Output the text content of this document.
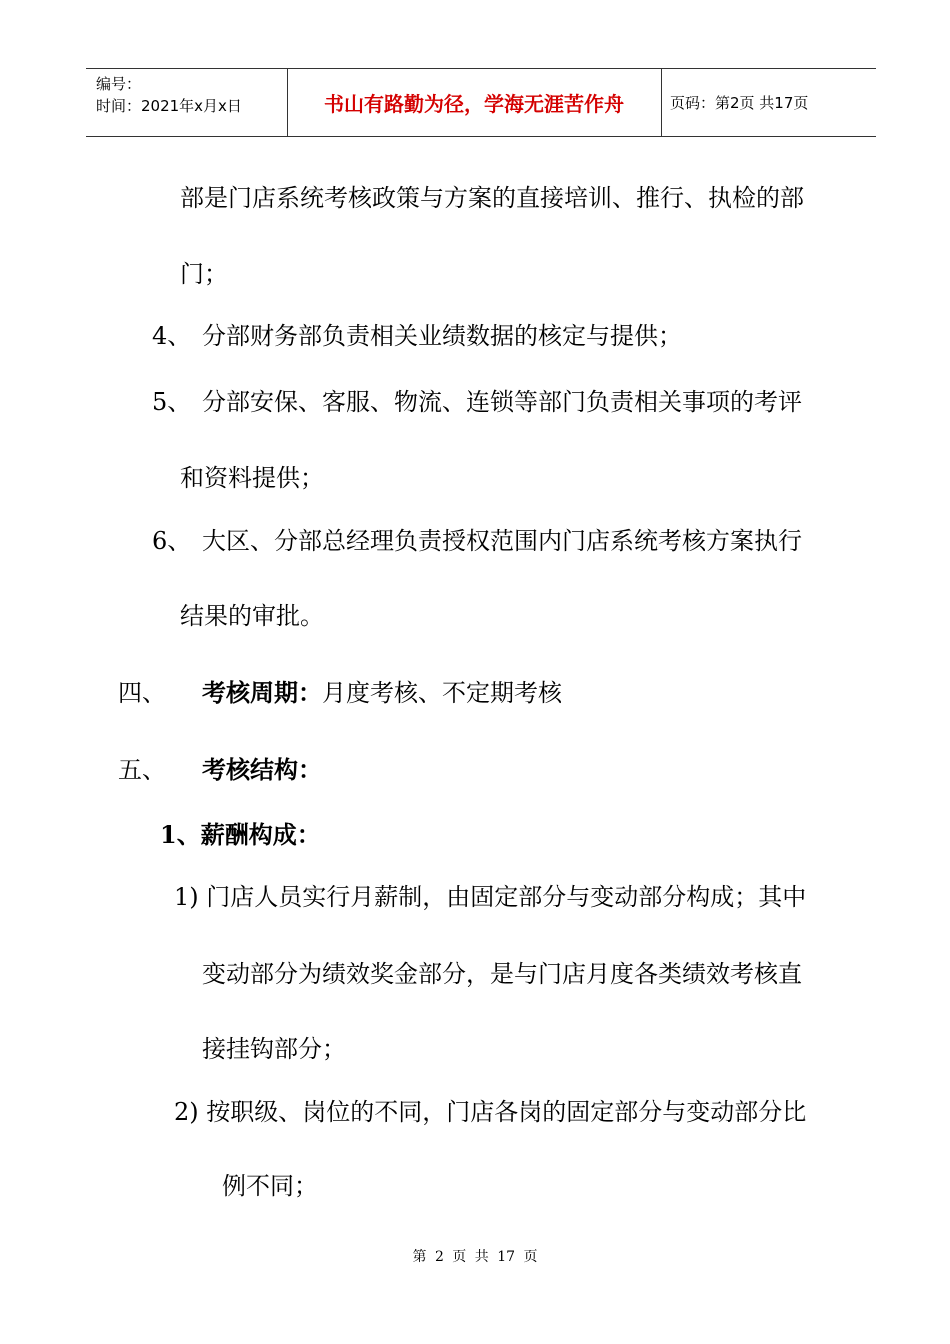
编号：
时间：2021年x月x日	书山有路勤为径，学海无涯苦作舟	页码：第2页 共17页
部是门店系统考核政策与方案的直接培训、推行、执检的部
门；
4、 分部财务部负责相关业绩数据的核定与提供；
5、 分部安保、客服、物流、连锁等部门负责相关事项的考评
和资料提供；
6、 大区、分部总经理负责授权范围内门店系统考核方案执行
结果的审批。
四、 考核周期：月度考核、不定期考核
五、 考核结构：
1、薪酬构成：
1) 门店人员实行月薪制，由固定部分与变动部分构成；其中
变动部分为绩效奖金部分，是与门店月度各类绩效考核直
接挂钩部分；
2) 按职级、岗位的不同，门店各岗的固定部分与变动部分比
例不同；
第 2 页 共 17 页
